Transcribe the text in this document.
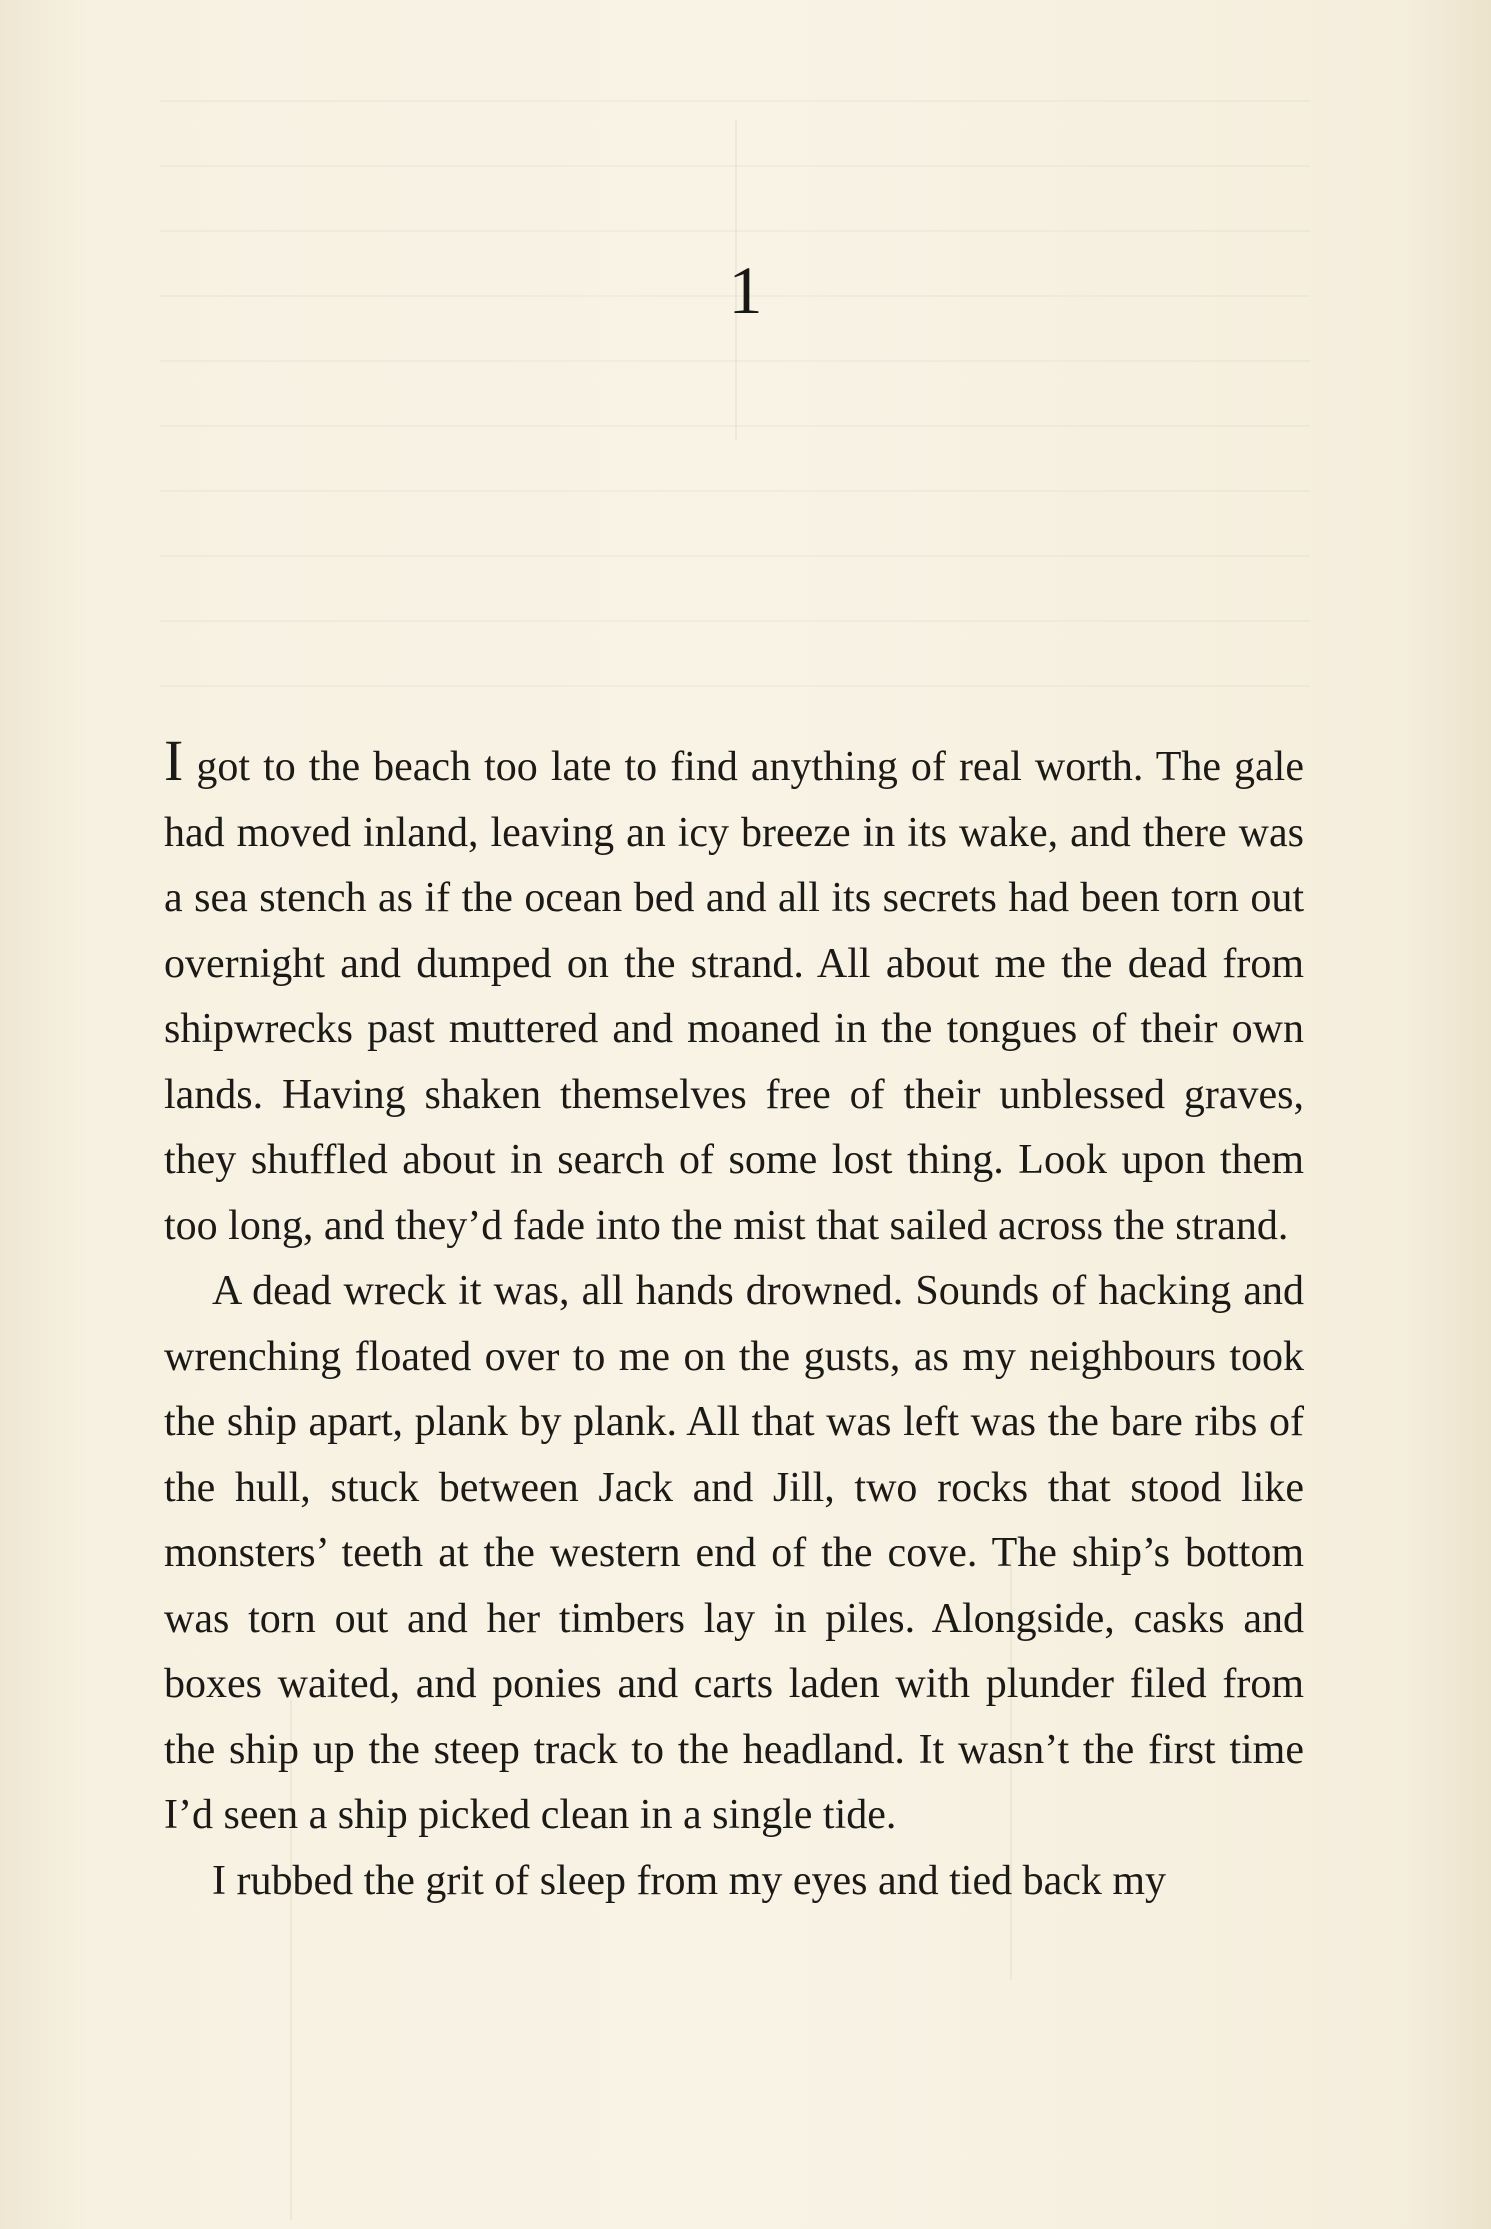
1

I got to the beach too late to find anything of real worth. The gale had moved inland, leaving an icy breeze in its wake, and there was a sea stench as if the ocean bed and all its secrets had been torn out overnight and dumped on the strand. All about me the dead from shipwrecks past muttered and moaned in the tongues of their own lands. Having shaken themselves free of their unblessed graves, they shuffled about in search of some lost thing. Look upon them too long, and they’d fade into the mist that sailed across the strand.

A dead wreck it was, all hands drowned. Sounds of hacking and wrenching floated over to me on the gusts, as my neighbours took the ship apart, plank by plank. All that was left was the bare ribs of the hull, stuck between Jack and Jill, two rocks that stood like monsters’ teeth at the western end of the cove. The ship’s bottom was torn out and her timbers lay in piles. Alongside, casks and boxes waited, and ponies and carts laden with plunder filed from the ship up the steep track to the headland. It wasn’t the first time I’d seen a ship picked clean in a single tide.

I rubbed the grit of sleep from my eyes and tied back my
